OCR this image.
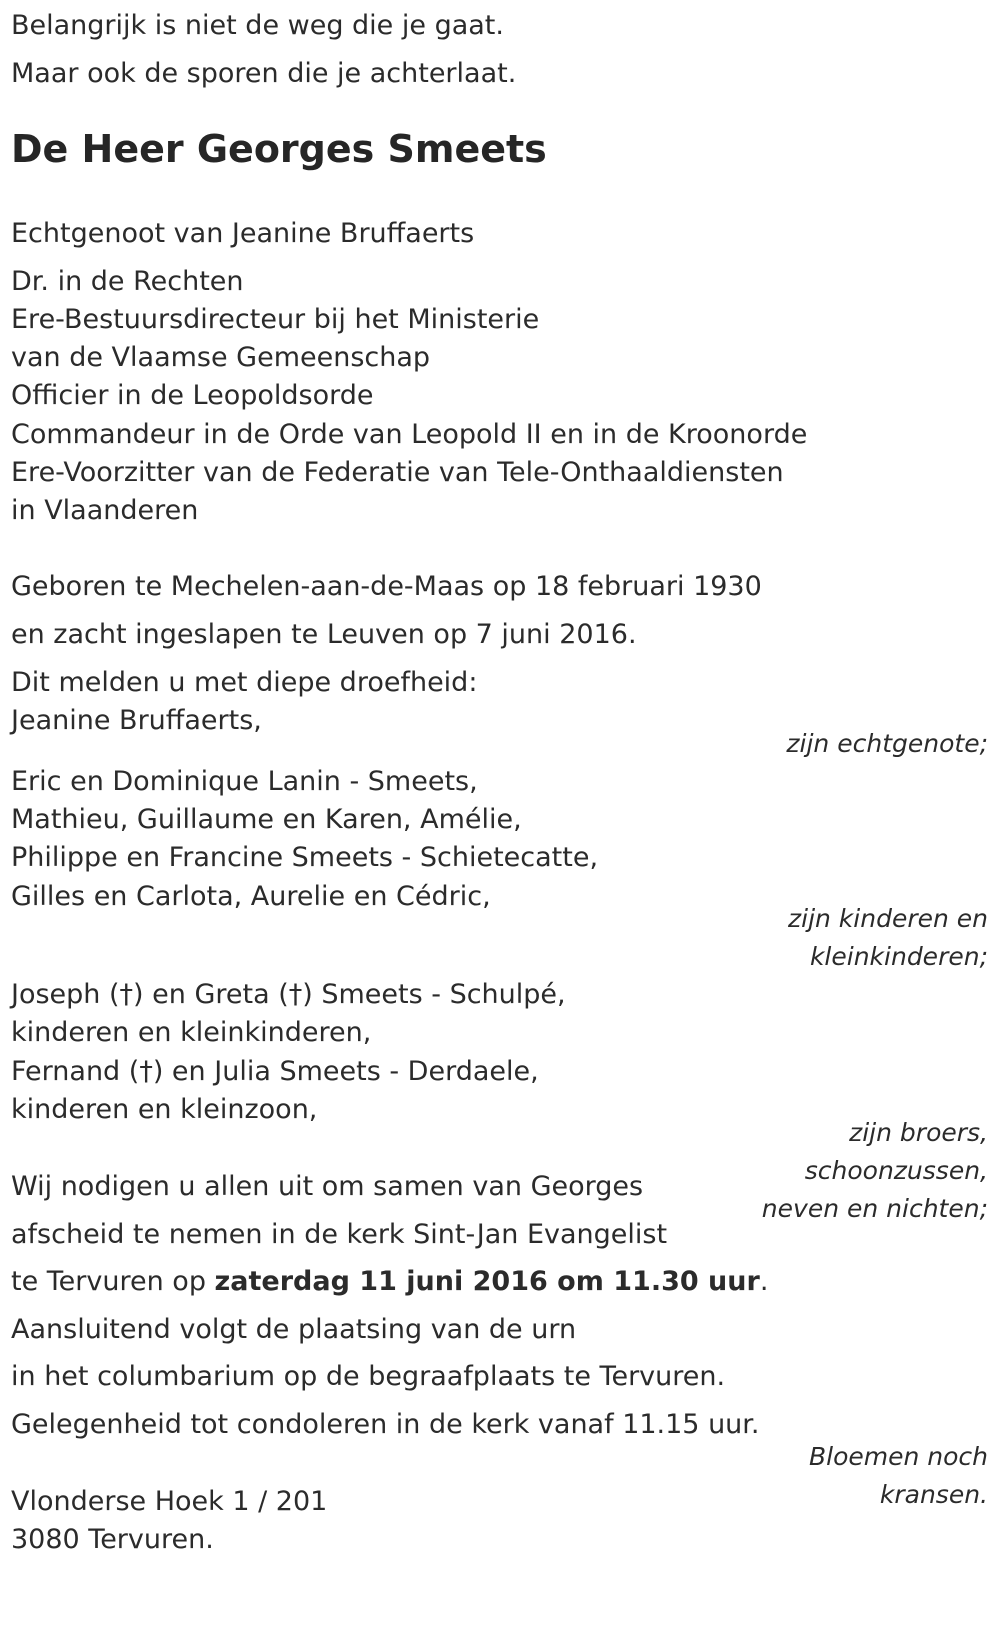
Belangrijk is niet de weg die je gaat.
Maar ook de sporen die je achterlaat.
De Heer Georges Smeets
Echtgenoot van Jeanine Bruffaerts
Dr. in de Rechten
Ere-Bestuursdirecteur bij het Ministerie
van de Vlaamse Gemeenschap
Officier in de Leopoldsorde
Commandeur in de Orde van Leopold II en in de Kroonorde
Ere-Voorzitter van de Federatie van Tele-Onthaaldiensten
in Vlaanderen
Geboren te Mechelen-aan-de-Maas op 18 februari 1930
en zacht ingeslapen te Leuven op 7 juni 2016.
Dit melden u met diepe droefheid:
Jeanine Bruffaerts,
zijn echtgenote;
Eric en Dominique Lanin - Smeets,
Mathieu, Guillaume en Karen, Amélie,
Philippe en Francine Smeets - Schietecatte,
Gilles en Carlota, Aurelie en Cédric,
zijn kinderen en
kleinkinderen;
Joseph (†) en Greta (†) Smeets - Schulpé,
kinderen en kleinkinderen,
Fernand (†) en Julia Smeets - Derdaele,
kinderen en kleinzoon,
zijn broers,
schoonzussen,
neven en nichten;
Wij nodigen u allen uit om samen van Georges
afscheid te nemen in de kerk Sint-Jan Evangelist
te Tervuren op zaterdag 11 juni 2016 om 11.30 uur.
Aansluitend volgt de plaatsing van de urn
in het columbarium op de begraafplaats te Tervuren.
Gelegenheid tot condoleren in de kerk vanaf 11.15 uur.
Bloemen noch
kransen.
Vlonderse Hoek 1 / 201
3080 Tervuren.
